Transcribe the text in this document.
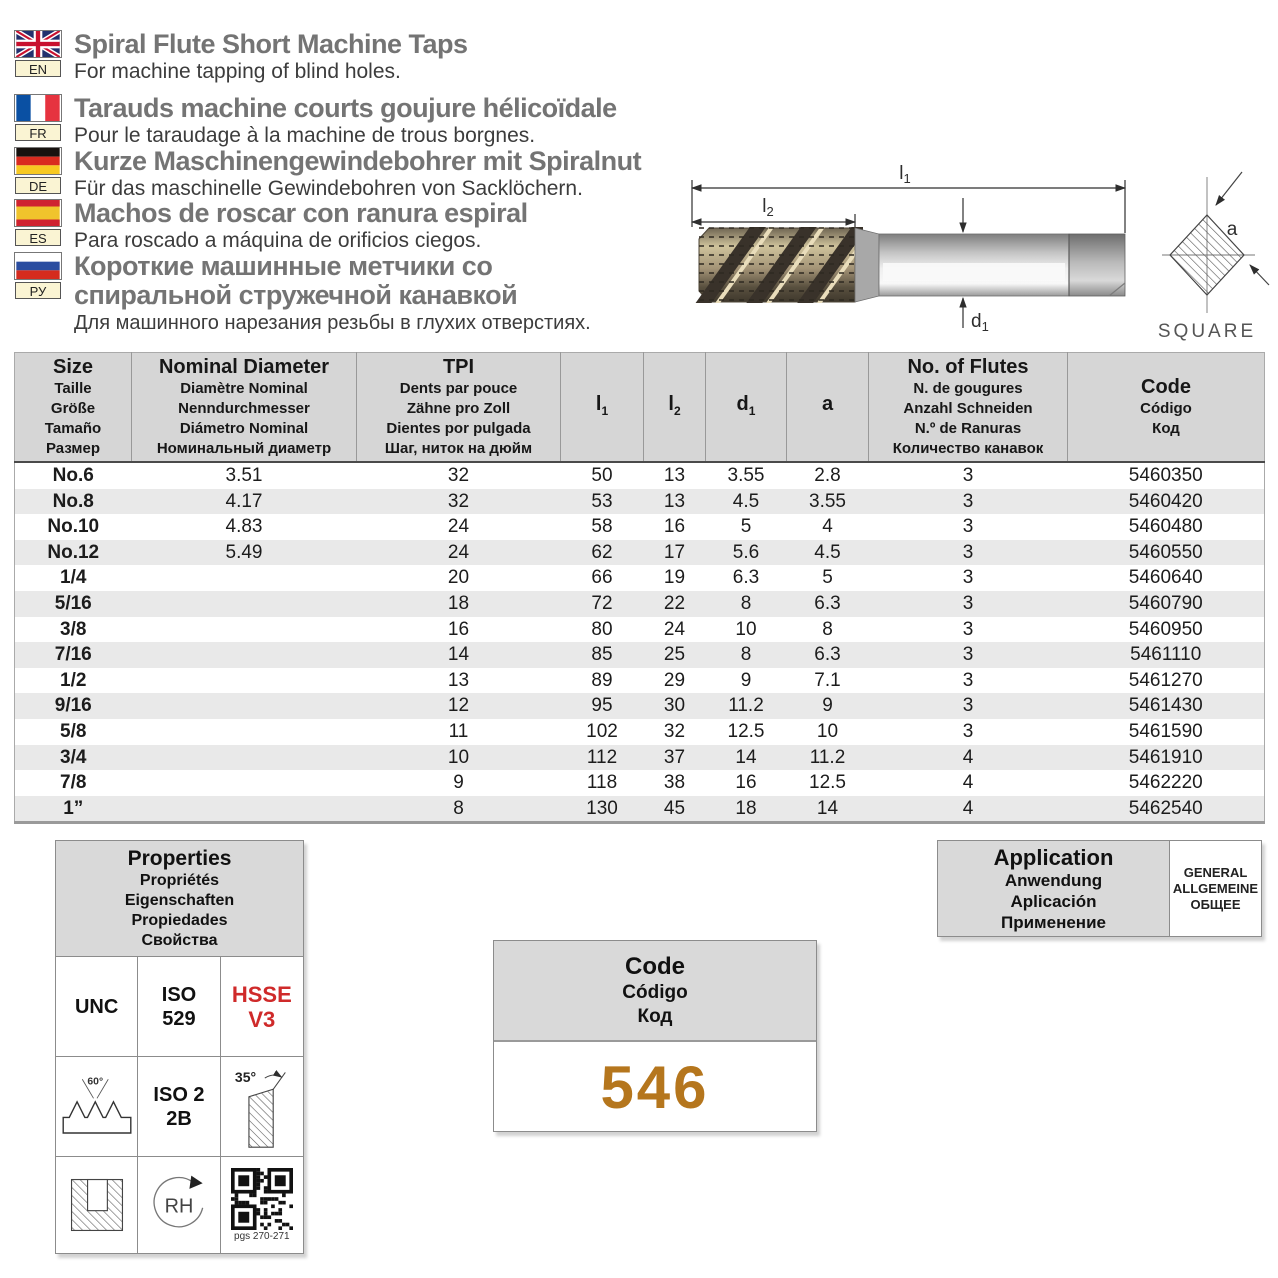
EN
Spiral Flute Short Machine Taps
For machine tapping of blind holes.
FR
Tarauds machine courts goujure hélicoïdale
Pour le taraudage à la machine de trous borgnes.
DE
Kurze Maschinengewindebohrer mit Spiralnut
Für das maschinelle Gewindebohren von Sacklöchern.
ES
Machos de roscar con ranura espiral
Para roscado a máquina de orificios ciegos.
РУ
Короткие машинные метчики со
спиральной стружечной канавкой
Для машинного нарезания резьбы в глухих отверстиях.
$l_1$
$l_2$
$d_1$
a
SQUARE
Size
Taille
Größe
Tamaño
Размер

Nominal Diameter
Diamètre Nominal
Nenndurchmesser
Diámetro Nominal
Номинальный диаметр

TPI
Dents par pouce
Zähne pro Zoll
Dientes por pulgada
Шаг, ниток на дюйм

$l_1$	$l_2$	$d_1$	a

No. of Flutes
N. de gougures
Anzahl Schneiden
N.º de Ranuras
Количество канавок

Code
Código
Код

No.6	3.51	32	50	13	3.55	2.8	3	5460350
No.8	4.17	32	53	13	4.5	3.55	3	5460420
No.10	4.83	24	58	16	5	4	3	5460480
No.12	5.49	24	62	17	5.6	4.5	3	5460550
1/4		20	66	19	6.3	5	3	5460640
5/16		18	72	22	8	6.3	3	5460790
3/8		16	80	24	10	8	3	5460950
7/16		14	85	25	8	6.3	3	5461110
1/2		13	89	29	9	7.1	3	5461270
9/16		12	95	30	11.2	9	3	5461430
5/8		11	102	32	12.5	10	3	5461590
3/4		10	112	37	14	11.2	4	5461910
7/8		9	118	38	16	12.5	4	5462220
1”		8	130	45	18	14	4	5462540
Properties
Propriétés
Eigenschaften
Propiedades
Свойства
UNC
ISO
529
HSSE
V3
60°
ISO 2
2B
35°
RH
pgs 270-271
Code
Código
Код
546
Application
Anwendung
Aplicación
Применение
GENERAL
ALLGEMEINE
ОБЩЕЕ
